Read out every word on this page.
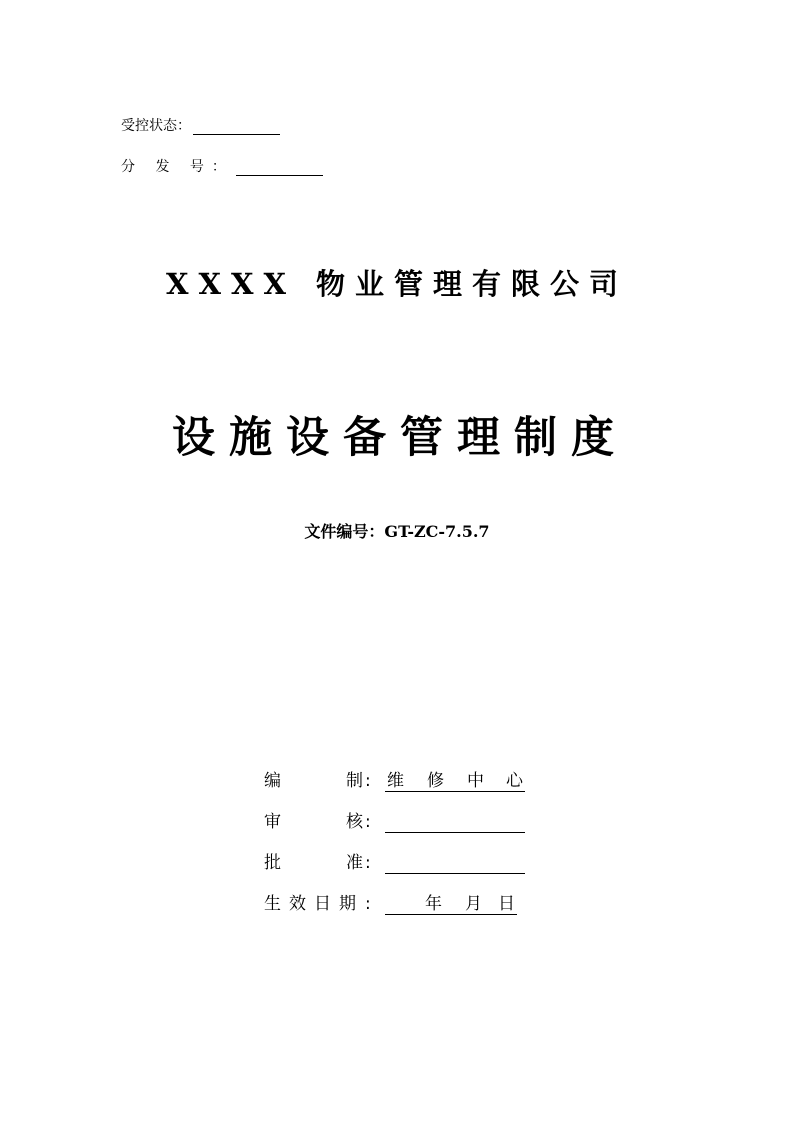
受控状态：
分 发 号：
XXXX 物业管理有限公司
设施设备管理制度
文件编号：GT-ZC-7.5.7
编	制 : 维 修 中 心
审	核 :
批	准 :
生效日期 :	年 月 日
